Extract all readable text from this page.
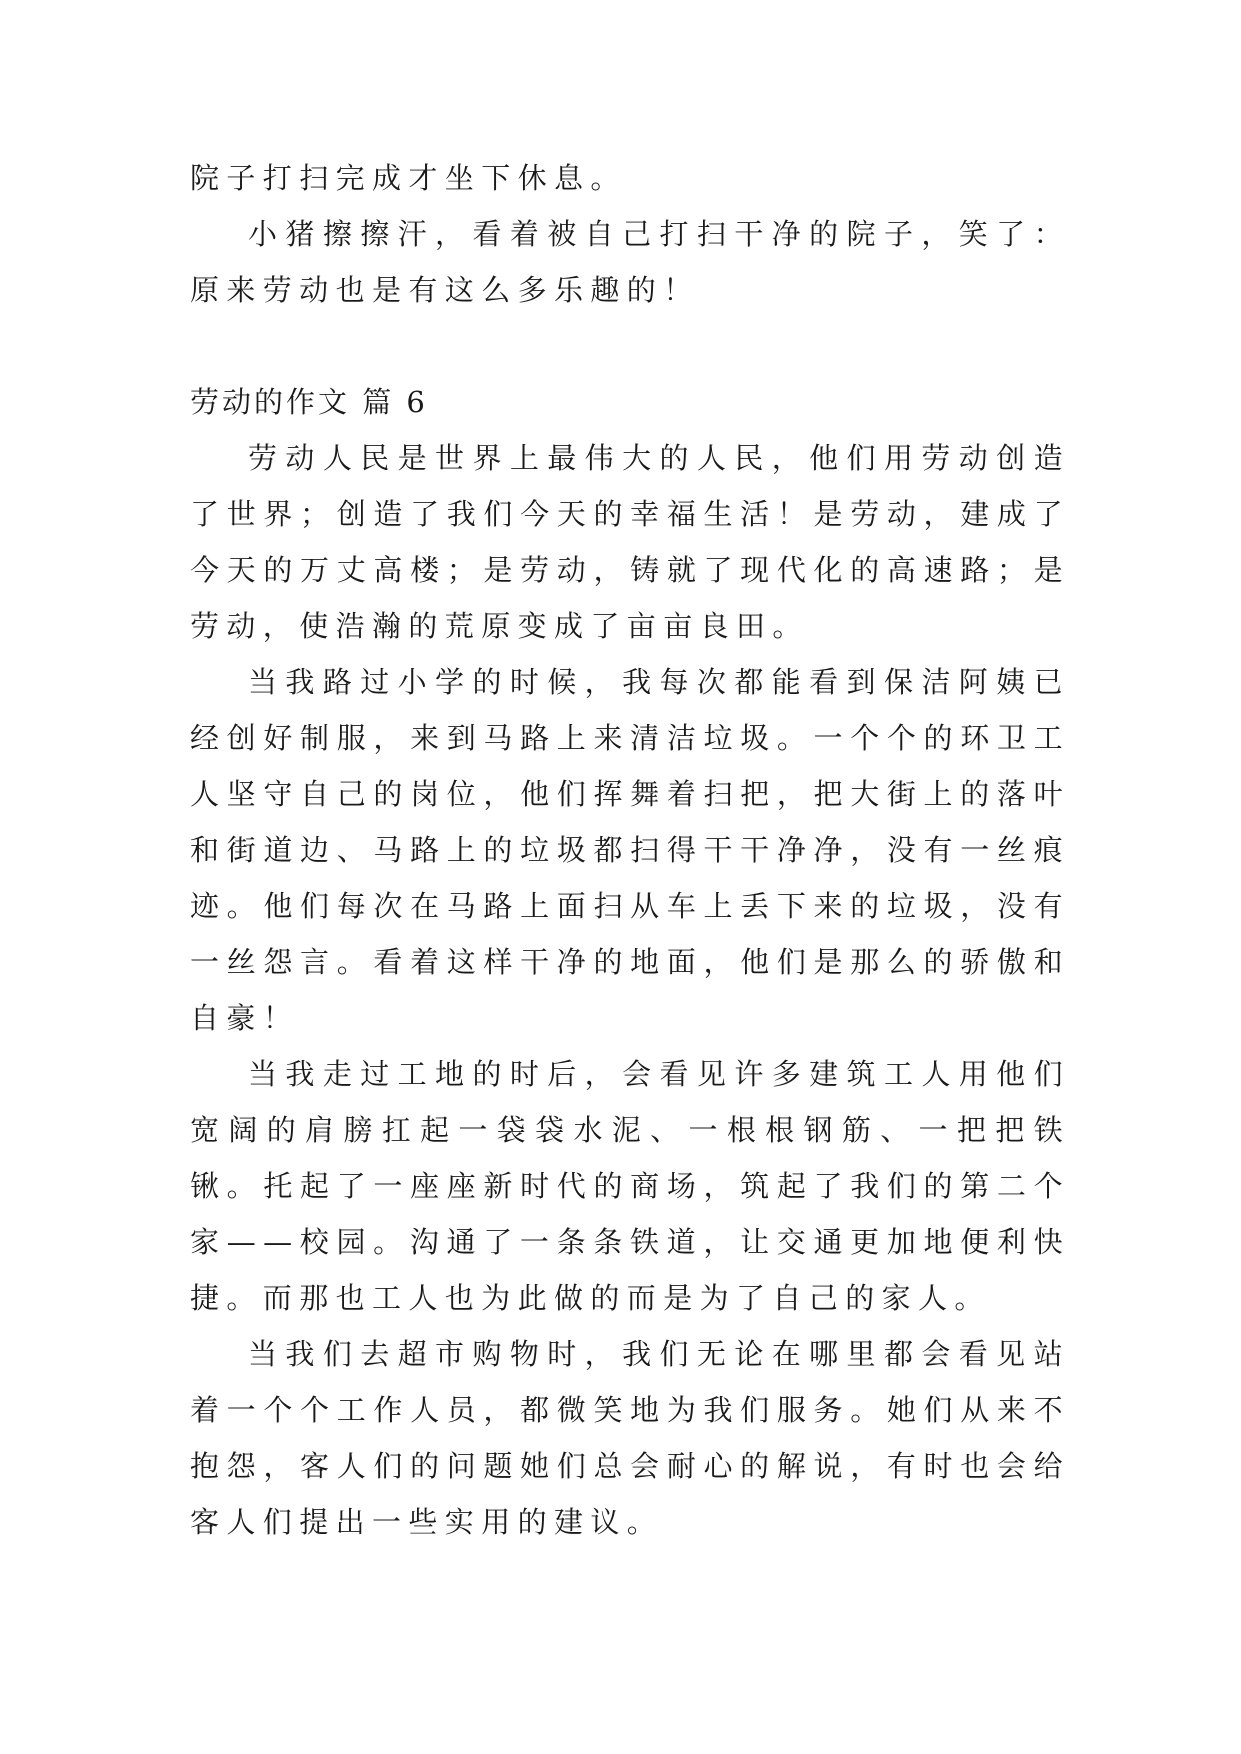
院子打扫完成才坐下休息。

小猪擦擦汗，看着被自己打扫干净的院子，笑了：原来劳动也是有这么多乐趣的！

劳动的作文 篇 6

劳动人民是世界上最伟大的人民，他们用劳动创造了世界；创造了我们今天的幸福生活！是劳动，建成了今天的万丈高楼；是劳动，铸就了现代化的高速路；是劳动，使浩瀚的荒原变成了亩亩良田。

当我路过小学的时候，我每次都能看到保洁阿姨已经创好制服，来到马路上来清洁垃圾。一个个的环卫工人坚守自己的岗位，他们挥舞着扫把，把大街上的落叶和街道边、马路上的垃圾都扫得干干净净，没有一丝痕迹。他们每次在马路上面扫从车上丢下来的垃圾，没有一丝怨言。看着这样干净的地面，他们是那么的骄傲和自豪！

当我走过工地的时后，会看见许多建筑工人用他们宽阔的肩膀扛起一袋袋水泥、一根根钢筋、一把把铁锹。托起了一座座新时代的商场，筑起了我们的第二个家——校园。沟通了一条条铁道，让交通更加地便利快捷。而那也工人也为此做的而是为了自己的家人。

当我们去超市购物时，我们无论在哪里都会看见站着一个个工作人员，都微笑地为我们服务。她们从来不抱怨，客人们的问题她们总会耐心的解说，有时也会给客人们提出一些实用的建议。
